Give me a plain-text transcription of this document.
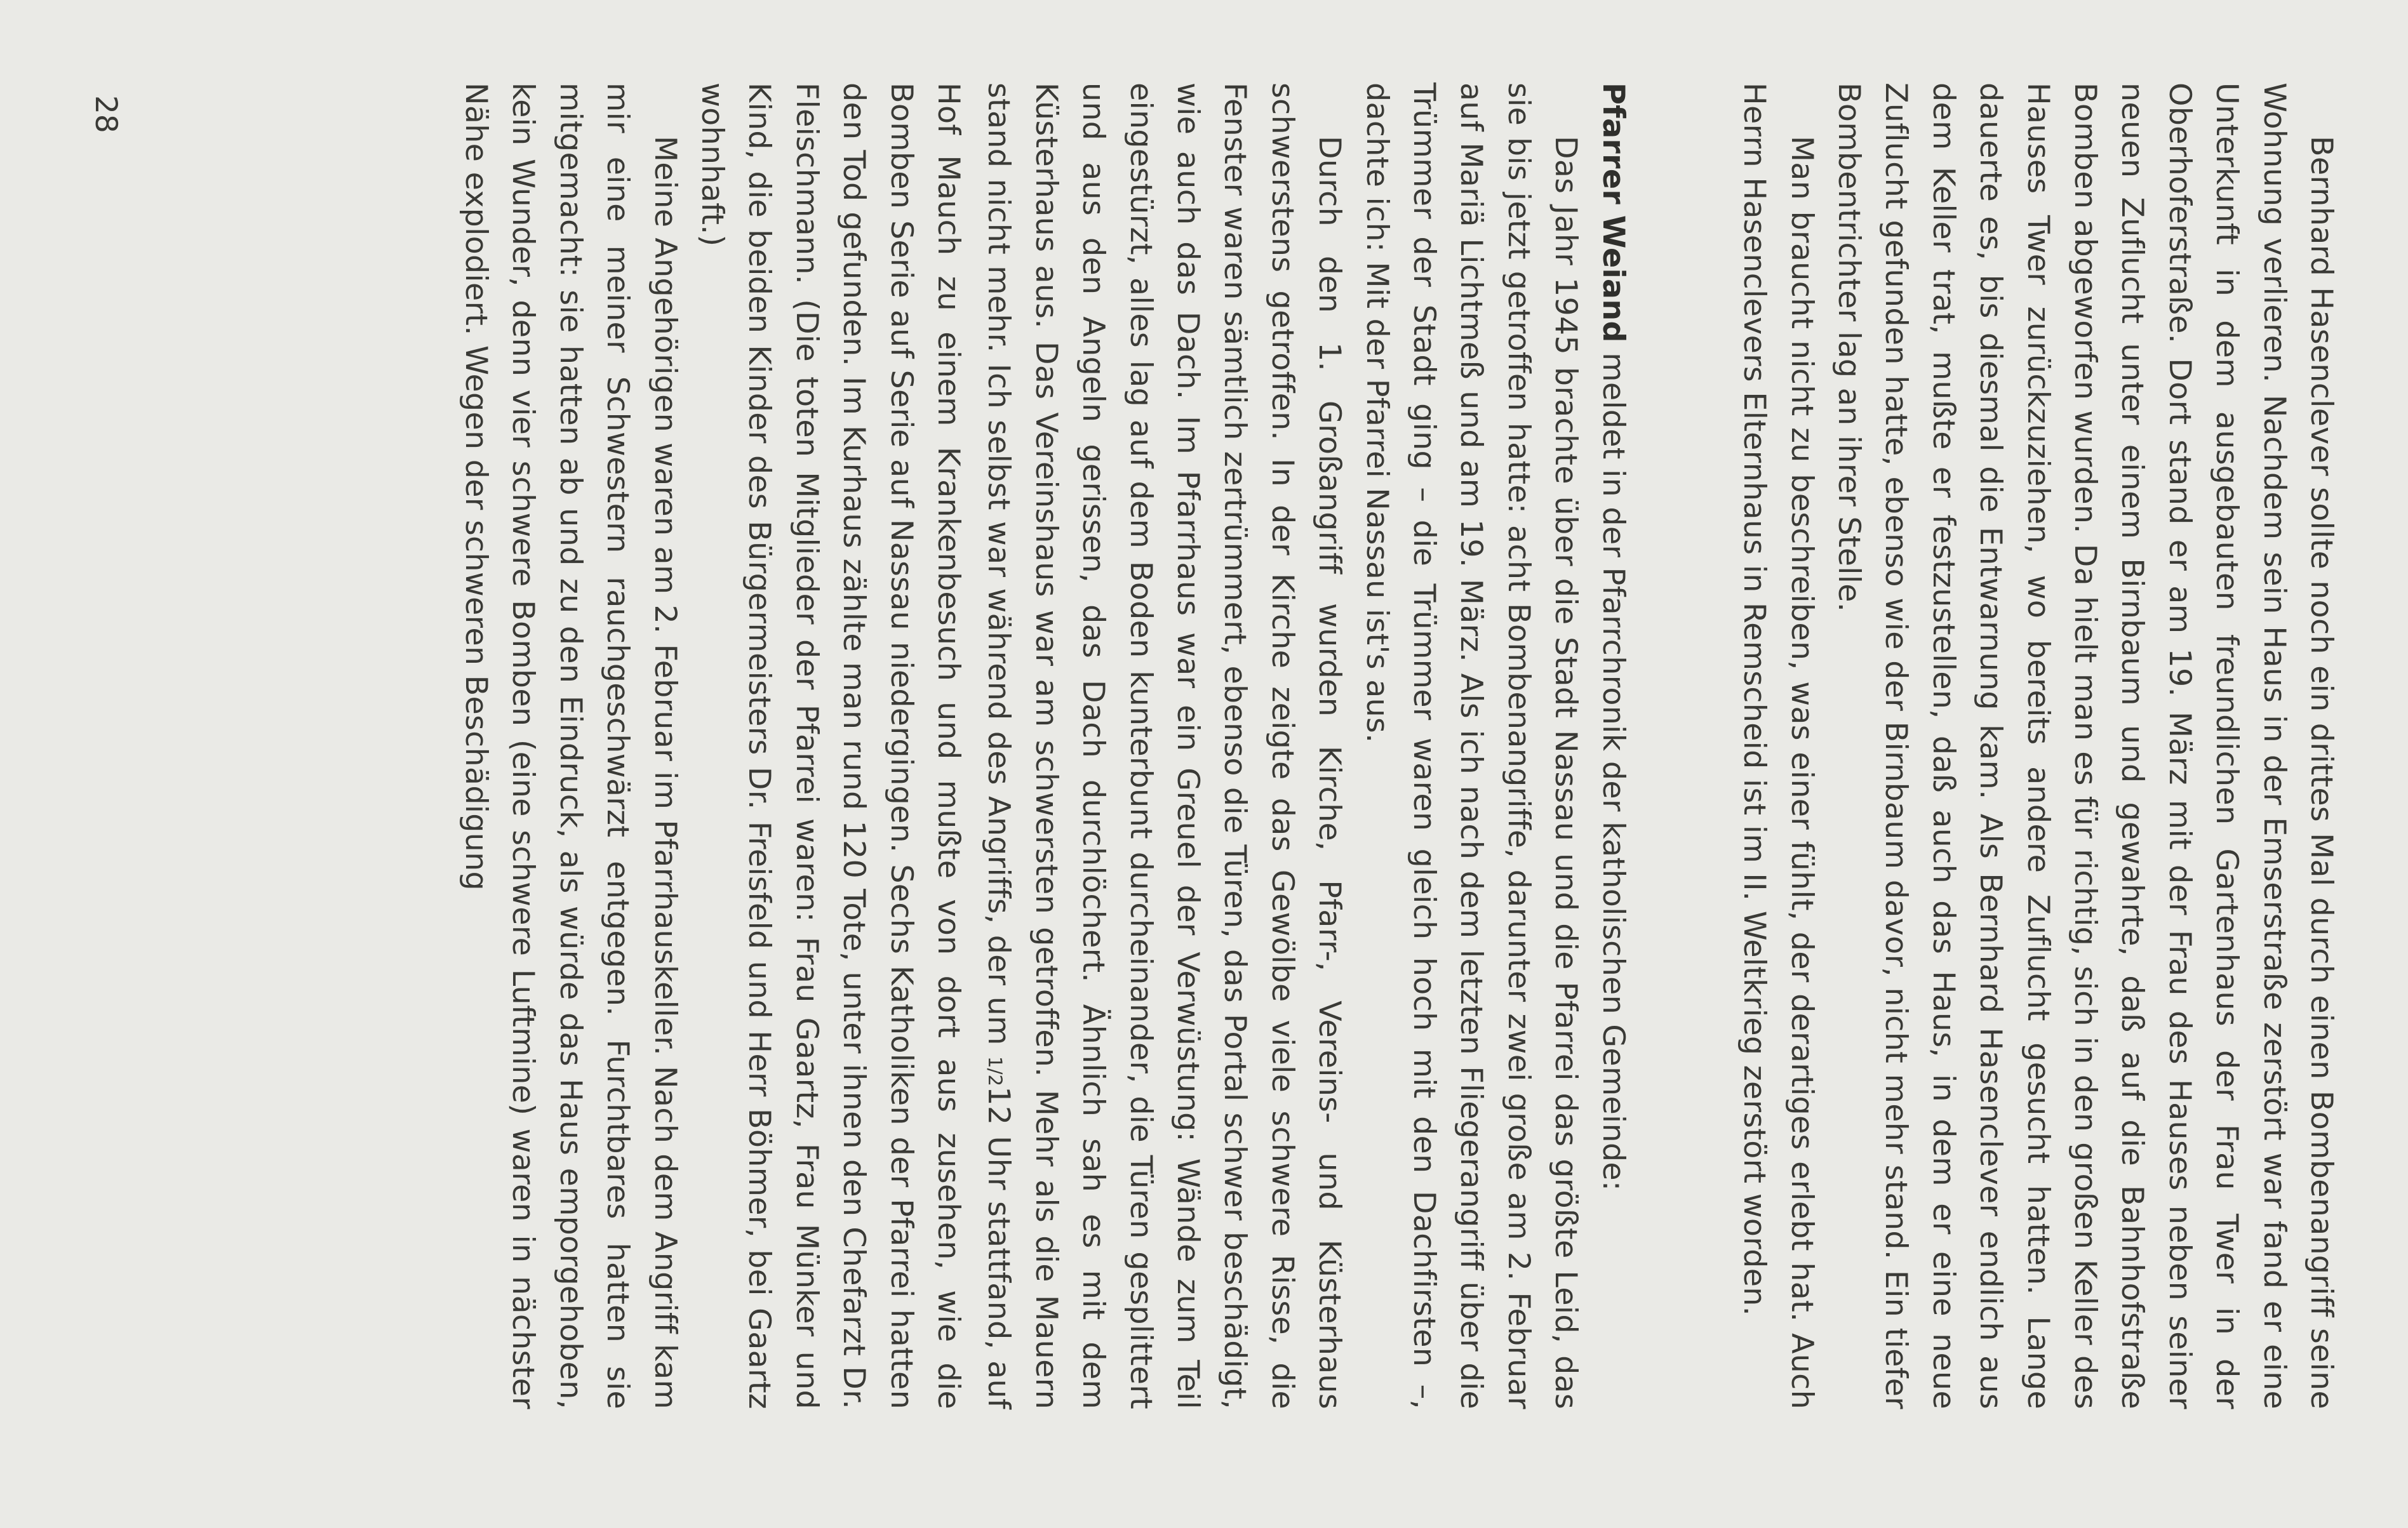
Bernhard Hasenclever sollte noch ein drittes Mal durch einen Bombenangriff seine Wohnung verlieren. Nachdem sein Haus in der Emserstraße zerstört war fand er eine Unterkunft in dem ausgebauten freundlichen Gartenhaus der Frau Twer in der Oberhoferstraße. Dort stand er am 19. März mit der Frau des Hauses neben seiner neuen Zuflucht unter einem Birnbaum und gewahrte, daß auf die Bahnhofstraße Bomben abgeworfen wurden. Da hielt man es für richtig, sich in den großen Keller des Hauses Twer zurückzuziehen, wo bereits andere Zuflucht gesucht hatten. Lange dauerte es, bis diesmal die Entwarnung kam. Als Bernhard Hasenclever endlich aus dem Keller trat, mußte er festzustellen, daß auch das Haus, in dem er eine neue Zuflucht gefunden hatte, ebenso wie der Birnbaum davor, nicht mehr stand. Ein tiefer Bombentrichter lag an ihrer Stelle.

Man braucht nicht zu beschreiben, was einer fühlt, der derartiges erlebt hat. Auch Herrn Hasenclevers Elternhaus in Remscheid ist im II. Weltkrieg zerstört worden.

Pfarrer Weiand meldet in der Pfarrchronik der katholischen Gemeinde:

Das Jahr 1945 brachte über die Stadt Nassau und die Pfarrei das größte Leid, das sie bis jetzt getroffen hatte: acht Bombenangriffe, darunter zwei große am 2. Februar auf Mariä Lichtmeß und am 19. März. Als ich nach dem letzten Fliegerangriff über die Trümmer der Stadt ging – die Trümmer waren gleich hoch mit den Dachfirsten –, dachte ich: Mit der Pfarrei Nassau ist's aus.

Durch den 1. Großangriff wurden Kirche, Pfarr-, Vereins- und Küsterhaus schwerstens getroffen. In der Kirche zeigte das Gewölbe viele schwere Risse, die Fenster waren sämtlich zertrümmert, ebenso die Türen, das Portal schwer beschädigt, wie auch das Dach. Im Pfarrhaus war ein Greuel der Verwüstung: Wände zum Teil eingestürzt, alles lag auf dem Boden kunterbunt durcheinander, die Türen gesplittert und aus den Angeln gerissen, das Dach durchlöchert. Ähnlich sah es mit dem Küsterhaus aus. Das Vereinshaus war am schwersten getroffen. Mehr als die Mauern stand nicht mehr. Ich selbst war während des Angriffs, der um 1/212 Uhr stattfand, auf Hof Mauch zu einem Krankenbesuch und mußte von dort aus zusehen, wie die Bomben Serie auf Serie auf Nassau niedergingen. Sechs Katholiken der Pfarrei hatten den Tod gefunden. Im Kurhaus zählte man rund 120 Tote, unter ihnen den Chefarzt Dr. Fleischmann. (Die toten Mitglieder der Pfarrei waren: Frau Gaartz, Frau Münker und Kind, die beiden Kinder des Bürgermeisters Dr. Freisfeld und Herr Böhmer, bei Gaartz wohnhaft.)

Meine Angehörigen waren am 2. Februar im Pfarrhauskeller. Nach dem Angriff kam mir eine meiner Schwestern rauchgeschwärzt entgegen. Furchtbares hatten sie mitgemacht: sie hatten ab und zu den Eindruck, als würde das Haus emporgehoben, kein Wunder, denn vier schwere Bomben (eine schwere Luftmine) waren in nächster Nähe explodiert. Wegen der schweren Beschädigung

28
